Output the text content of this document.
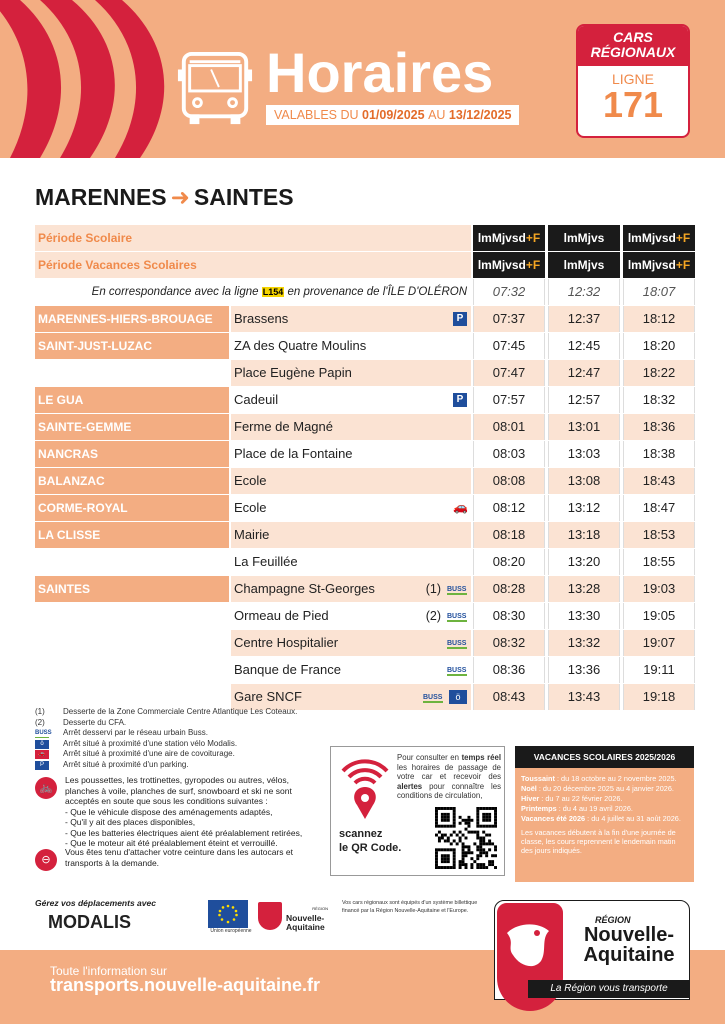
Horaires
VALABLES DU 01/09/2025 AU 13/12/2025
CARS RÉGIONAUX
LIGNE
171
MARENNES ➜ SAINTES
Période Scolaire	lmMjvsd+F	lmMjvs	lmMjvsd+F
Période Vacances Scolaires	lmMjvsd+F	lmMjvs	lmMjvsd+F
En correspondance avec la ligne L154 en provenance de l'ÎLE D'OLÉRON	07:32	12:32	18:07
MARENNES-HIERS-BROUAGE	Brassens	P	07:37	12:37	18:12
SAINT-JUST-LUZAC	ZA des Quatre Moulins	07:45	12:45	18:20
Place Eugène Papin	07:47	12:47	18:22
LE GUA	Cadeuil	P	07:57	12:57	18:32
SAINTE-GEMME	Ferme de Magné	08:01	13:01	18:36
NANCRAS	Place de la Fontaine	08:03	13:03	18:38
BALANZAC	Ecole	08:08	13:08	18:43
CORME-ROYAL	Ecole	🚗	08:12	13:12	18:47
LA CLISSE	Mairie	08:18	13:18	18:53
La Feuillée	08:20	13:20	18:55
SAINTES	Champagne St-Georges	(1) BUSS	08:28	13:28	19:03
Ormeau de Pied	(2) BUSS	08:30	13:30	19:05
Centre Hospitalier	BUSS	08:32	13:32	19:07
Banque de France	BUSS	08:36	13:36	19:11
Gare SNCF	BUSS	ö	08:43	13:43	19:18
(1) Desserte de la Zone Commerciale Centre Atlantique Les Coteaux.
(2) Desserte du CFA.
BUSS Arrêt desservi par le réseau urbain Buss.
ö	Arrêt situé à proximité d'une station vélo Modalis.
🚗	Arrêt situé à proximité d'une aire de covoiturage.
P	Arrêt situé à proximité d'un parking.
🚲
Les poussettes, les trottinettes, gyropodes ou autres, vélos, planches à voile, planches de surf, snowboard et ski ne sont acceptés en soute que sous les conditions suivantes :
- Que le véhicule dispose des aménagements adaptés,
- Qu'il y ait des places disponibles,
- Que les batteries électriques aient été préalablement retirées,
- Que le moteur ait été préalablement éteint et verrouillé.
⊖
Vous êtes tenu d'attacher votre ceinture dans les autocars et transports à la demande.
Pour consulter en temps réel les horaires de passage de votre car et recevoir des alertes pour connaître les conditions de circulation,
scannez
le QR Code.
VACANCES SCOLAIRES 2025/2026
Toussaint : du 18 octobre au 2 novembre 2025.
Noël : du 20 décembre 2025 au 4 janvier 2026.
Hiver : du 7 au 22 février 2026.
Printemps : du 4 au 19 avril 2026.
Vacances été 2026 : du 4 juillet au 31 août 2026.
Les vacances débutent à la fin d'une journée de classe, les cours reprennent le lendemain matin des jours indiqués.
Gérez vos déplacements avec
MODALIS	Union européenne
RÉGION
Nouvelle-Aquitaine
Vos cars régionaux sont équipés d'un système billettique financé par la Région Nouvelle-Aquitaine et l'Europe.
Toute l'information sur
transports.nouvelle-aquitaine.fr
RÉGION
Nouvelle-Aquitaine
La Région vous transporte
